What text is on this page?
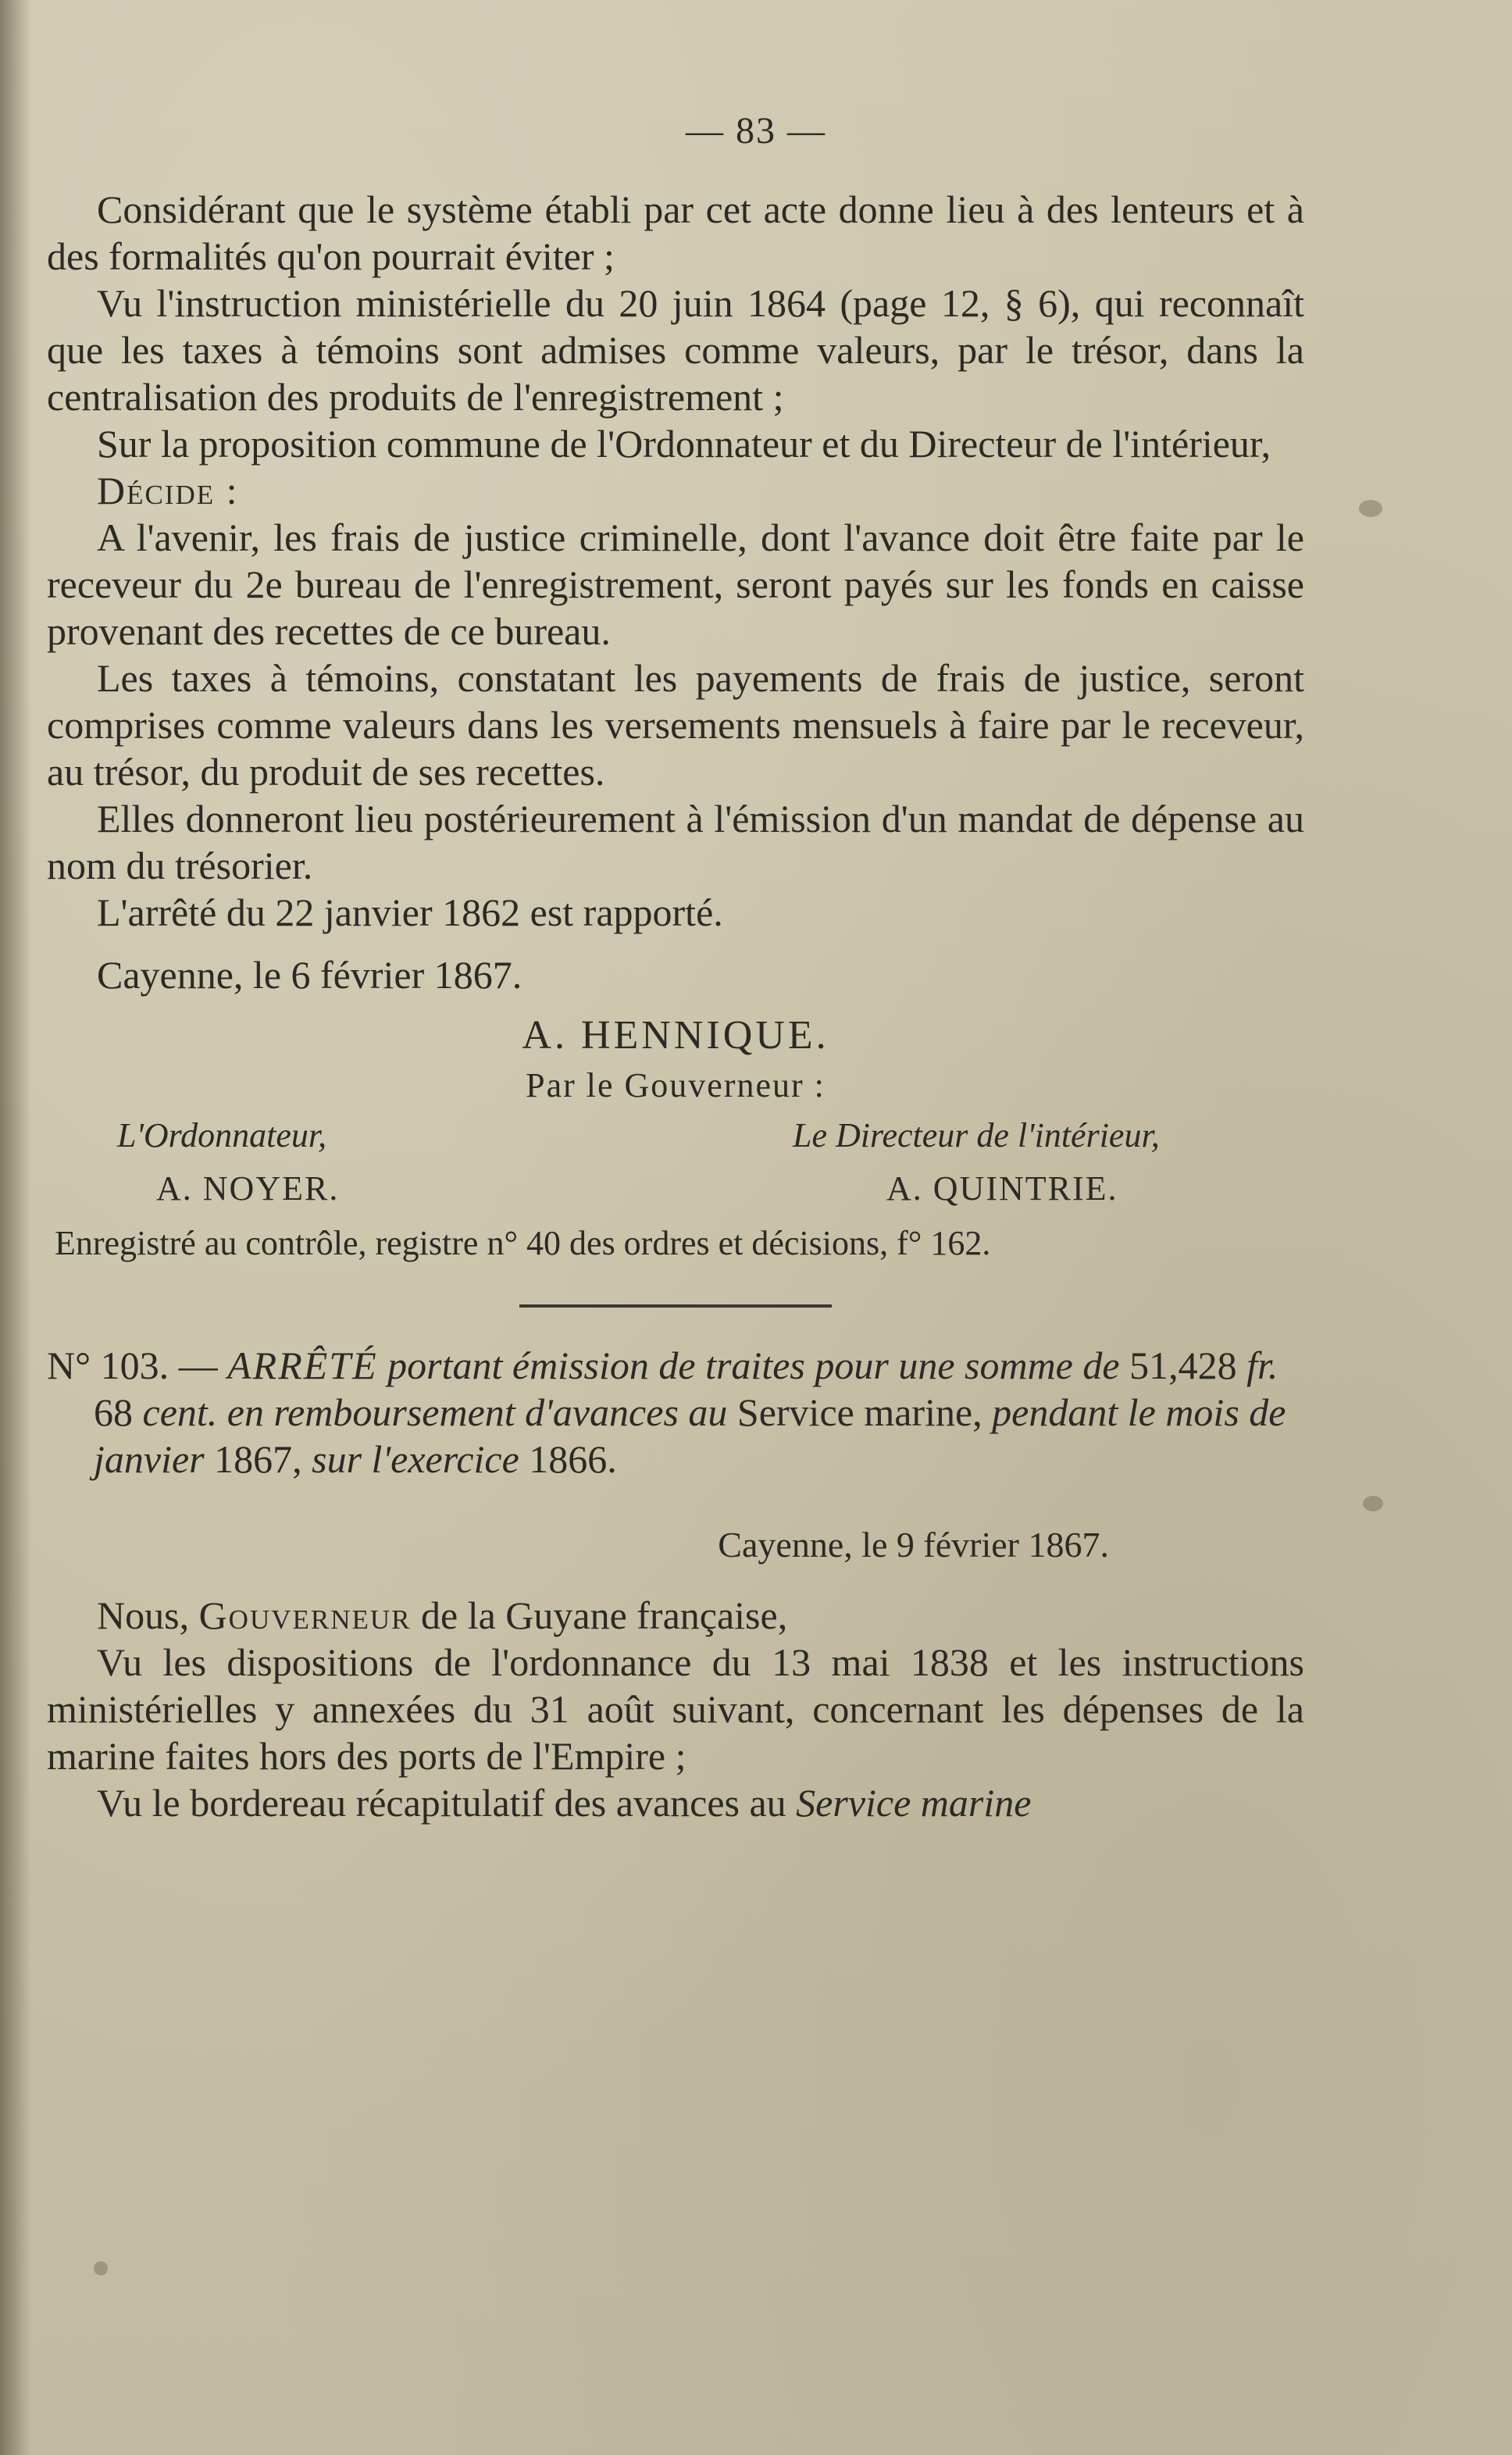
— 83 —

Considérant que le système établi par cet acte donne lieu à des lenteurs et à des formalités qu'on pourrait éviter ;

Vu l'instruction ministérielle du 20 juin 1864 (page 12, § 6), qui reconnaît que les taxes à témoins sont admises comme valeurs, par le trésor, dans la centralisation des produits de l'enregistrement ;

Sur la proposition commune de l'Ordonnateur et du Directeur de l'intérieur,

Décide :

A l'avenir, les frais de justice criminelle, dont l'avance doit être faite par le receveur du 2e bureau de l'enregistrement, seront payés sur les fonds en caisse provenant des recettes de ce bureau.

Les taxes à témoins, constatant les payements de frais de justice, seront comprises comme valeurs dans les versements mensuels à faire par le receveur, au trésor, du produit de ses recettes.

Elles donneront lieu postérieurement à l'émission d'un mandat de dépense au nom du trésorier.

L'arrêté du 22 janvier 1862 est rapporté.

Cayenne, le 6 février 1867.

A. HENNIQUE.
Par le Gouverneur :
L'Ordonnateur,
A. NOYER.
Le Directeur de l'intérieur,
A. QUINTRIE.
Enregistré au contrôle, registre n° 40 des ordres et décisions, f° 162.
N° 103. — ARRÊTÉ portant émission de traites pour une somme de 51,428 fr. 68 cent. en remboursement d'avances au Service marine, pendant le mois de janvier 1867, sur l'exercice 1866.
Cayenne, le 9 février 1867.

Nous, Gouverneur de la Guyane française,

Vu les dispositions de l'ordonnance du 13 mai 1838 et les instructions ministérielles y annexées du 31 août suivant, concernant les dépenses de la marine faites hors des ports de l'Empire ;

Vu le bordereau récapitulatif des avances au Service marine
